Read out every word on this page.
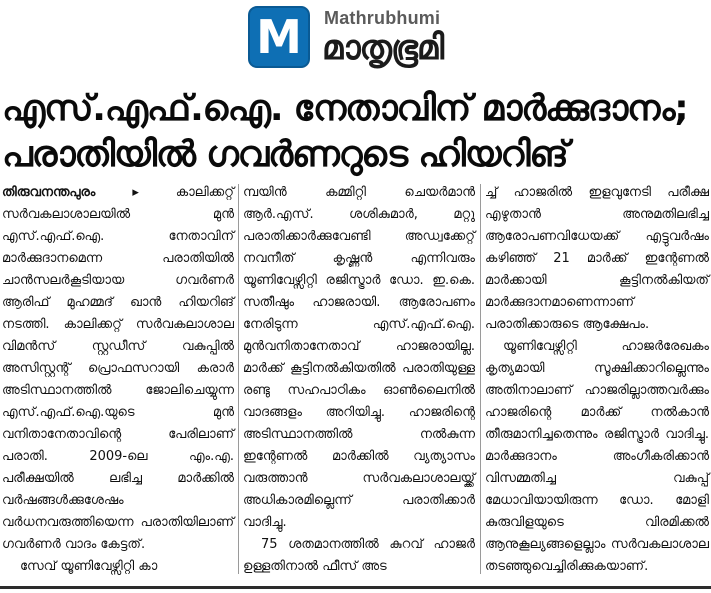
M	Mathrubhumi
മാതൃഭൂമി
എസ്.എഫ്.ഐ. നേതാവിന് മാർക്കുദാനം;
പരാതിയിൽ ഗവർണറുടെ ഹിയറിങ്

തിരുവനന്തപുരം ▸	കാലിക്കറ്റ് സർവകലാശാലയിൽ മുൻ എസ്.എഫ്.ഐ. നേതാവിന് മാർക്കുദാനമെന്ന പരാതിയിൽ ചാൻസലർകൂടിയായ ഗവർണർ ആരിഫ് മുഹമ്മദ് ഖാൻ ഹിയറിങ് നടത്തി. കാലിക്കറ്റ് സർവകലാശാല വിമൻസ് സ്റ്റഡീസ് വകുപ്പിൽ അസിസ്റ്റന്റ് പ്രൊഫസറായി കരാർ അടിസ്ഥാനത്തിൽ ജോലിചെയ്യുന്ന എസ്.എഫ്.ഐ.യുടെ മുൻ വനിതാനേതാവിന്റെ പേരിലാണ് പരാതി. 2009-ലെ എം.എ. പരീക്ഷയിൽ ലഭിച്ച മാർക്കിൽ വർഷങ്ങൾക്കുശേഷം വർധനവരുത്തിയെന്ന പരാതിയിലാണ് ഗവർണർ വാദം കേട്ടത്.

സേവ് യൂണിവേഴ്സിറ്റി കാ

മ്പയിൻ കമ്മിറ്റി ചെയർമാൻ ആർ.എസ്. ശശികുമാർ, മറ്റു പരാതിക്കാർക്കുവേണ്ടി അഡ്വക്കേറ്റ് നവനീത് കൃഷ്ണൻ എന്നിവരും യൂണിവേഴ്സിറ്റി രജിസ്ട്രാർ ഡോ. ഇ.കെ. സതീഷും ഹാജരായി. ആരോപണം നേരിടുന്ന എസ്.എഫ്.ഐ. മുൻവനിതാനേതാവ് ഹാജരായില്ല. മാർക്ക് കൂട്ടിനൽകിയതിൽ പരാതിയുള്ള രണ്ടു സഹപാഠികം ഓൺലൈനിൽ വാദങ്ങളം അറിയിച്ചു. ഹാജരിന്റെ അടിസ്ഥാനത്തിൽ നൽകുന്ന ഇന്റേണൽ മാർക്കിൽ വ്യത്യാസം വരുത്താൻ സർവകലാശാലയ്ക്ക് അധികാരമില്ലെന്ന് പരാതിക്കാർ വാദിച്ചു.

75 ശതമാനത്തിൽ കുറവ് ഹാജർ ഉള്ളതിനാൽ ഫീസ് അട

ച്ച് ഹാജരിൽ ഇളവുനേടി പരീക്ഷ എഴുതാൻ അനുമതിലഭിച്ച ആരോപണവിധേയക്ക് എട്ടുവർഷം കഴിഞ്ഞ് 21 മാർക്ക് ഇന്റേണൽ മാർക്കായി കൂട്ടിനൽകിയത് മാർക്കുദാനമാണെന്നാണ് പരാതിക്കാരുടെ ആക്ഷേപം.

യൂണിവേഴ്സിറ്റി ഹാജർരേഖകം കൃത്യമായി സൂക്ഷിക്കാറില്ലെന്നും അതിനാലാണ് ഹാജരില്ലാത്തവർക്കും ഹാജരിന്റെ മാർക്ക് നൽകാൻ തീരുമാനിച്ചതെന്നും രജിസ്ട്രാർ വാദിച്ചു. മാർക്കുദാനം അംഗീകരിക്കാൻ വിസമ്മതിച്ച വകുപ്പ് മേധാവിയായിരുന്ന ഡോ. മോളി കുരുവിളയുടെ വിരമിക്കൽ ആനുകൂല്യങ്ങളെല്ലാം സർവകലാശാല തടഞ്ഞുവെച്ചിരിക്കുകയാണ്.
